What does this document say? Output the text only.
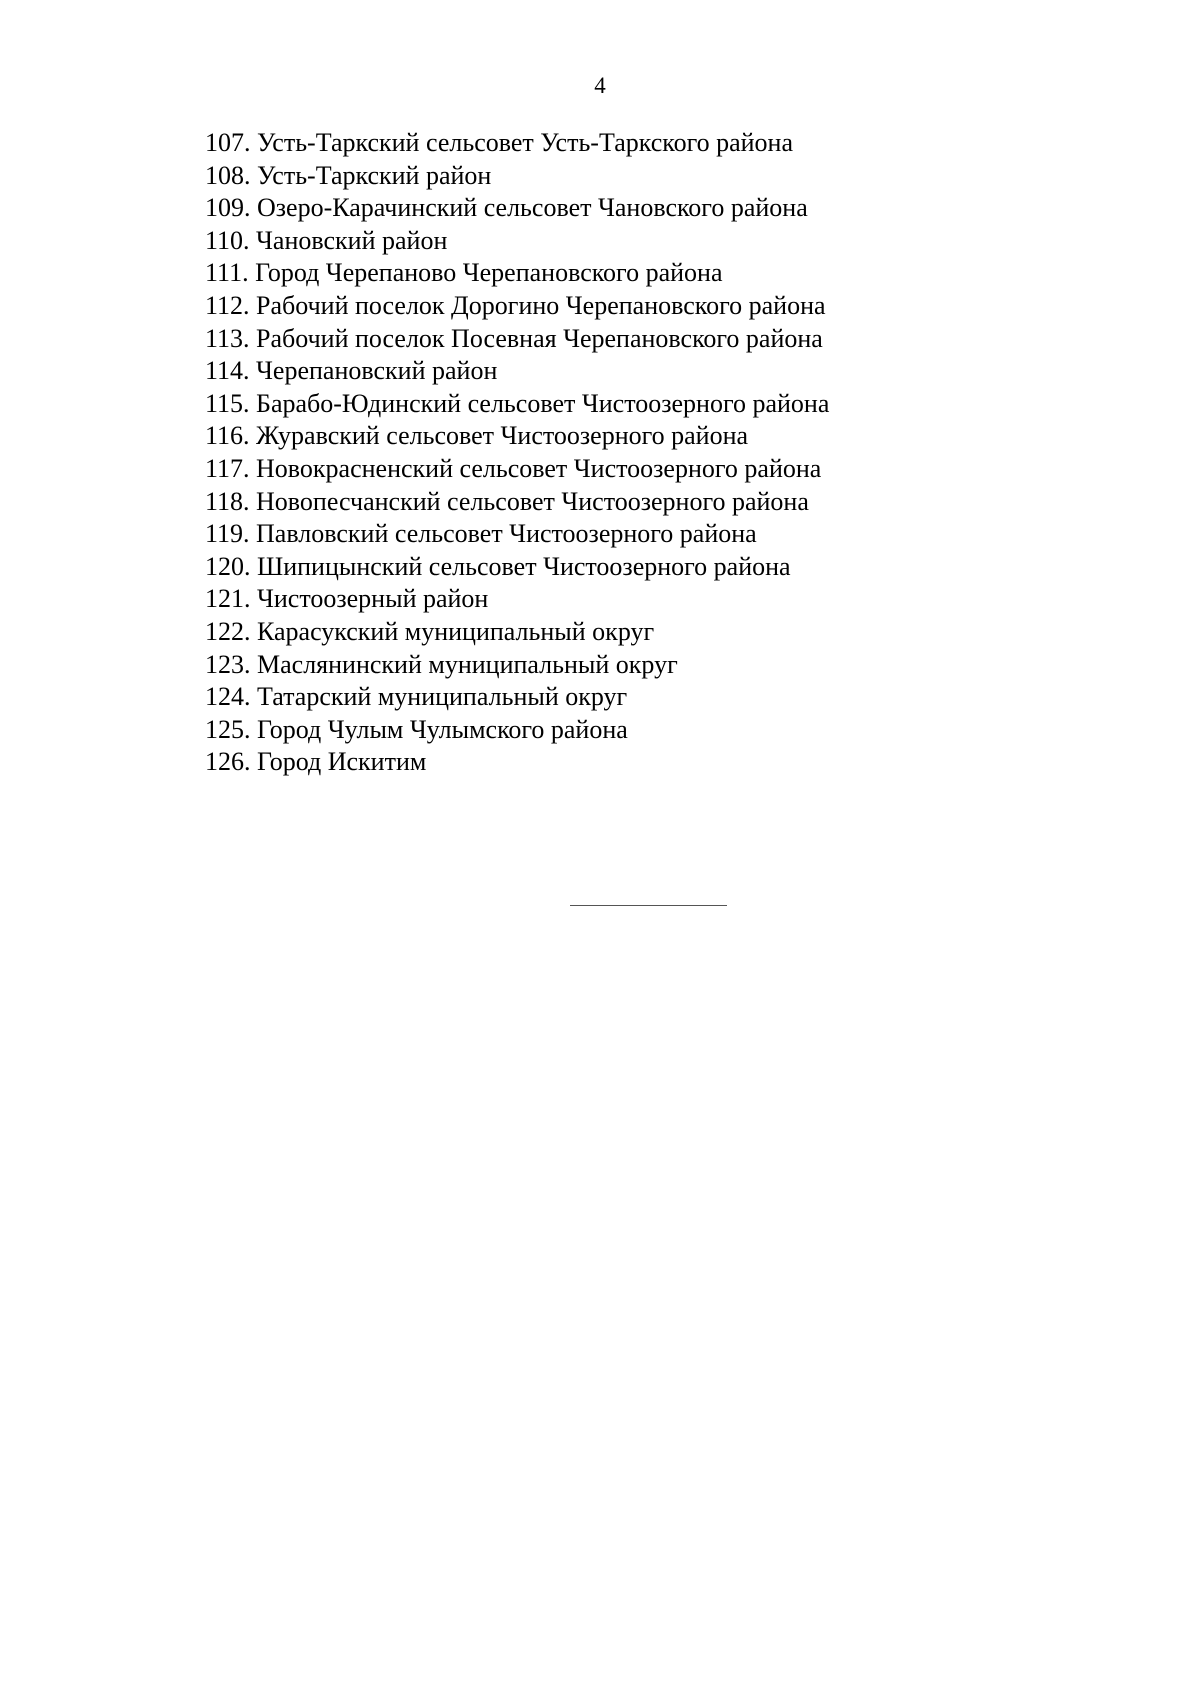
4
107. Усть-Таркский сельсовет Усть-Таркского района
108. Усть-Таркский район
109. Озеро-Карачинский сельсовет Чановского района
110. Чановский район
111. Город Черепаново Черепановского района
112. Рабочий поселок Дорогино Черепановского района
113. Рабочий поселок Посевная Черепановского района
114. Черепановский район
115. Барабо-Юдинский сельсовет Чистоозерного района
116. Журавский сельсовет Чистоозерного района
117. Новокрасненский сельсовет Чистоозерного района
118. Новопесчанский сельсовет Чистоозерного района
119. Павловский сельсовет Чистоозерного района
120. Шипицынский сельсовет Чистоозерного района
121. Чистоозерный район
122. Карасукский муниципальный округ
123. Маслянинский муниципальный округ
124. Татарский муниципальный округ
125. Город Чулым Чулымского района
126. Город Искитим
